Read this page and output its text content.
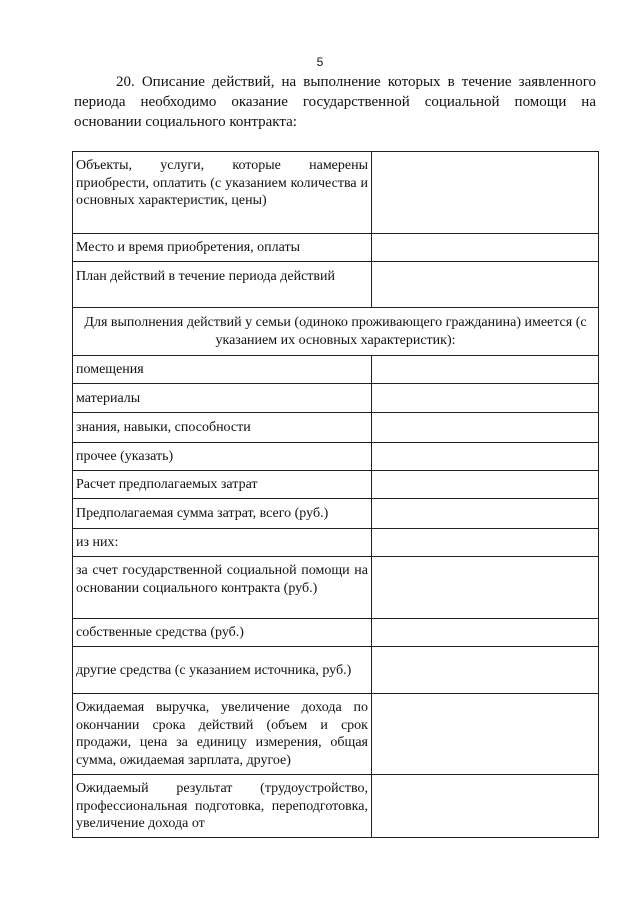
5
20. Описание действий, на выполнение которых в течение заявленного периода необходимо оказание государственной социальной помощи на основании социального контракта:
Объекты, услуги, которые намерены приобрести, оплатить (с указанием количества и основных характеристик, цены)	
Место и время приобретения, оплаты	
План действий в течение периода действий	
Для выполнения действий у семьи (одиноко проживающего гражданина) имеется (с указанием их основных характеристик):	
помещения	
материалы	
знания, навыки, способности	
прочее (указать)	
Расчет предполагаемых затрат	
Предполагаемая сумма затрат, всего (руб.)	
из них:	
за счет государственной социальной помощи на основании социального контракта (руб.)	
собственные средства (руб.)	
другие средства (с указанием источника, руб.)	
Ожидаемая выручка, увеличение дохода по окончании срока действий (объем и срок продажи, цена за единицу измерения, общая сумма, ожидаемая зарплата, другое)	
Ожидаемый результат (трудоустройство, профессиональная подготовка, переподготовка, увеличение дохода от	
